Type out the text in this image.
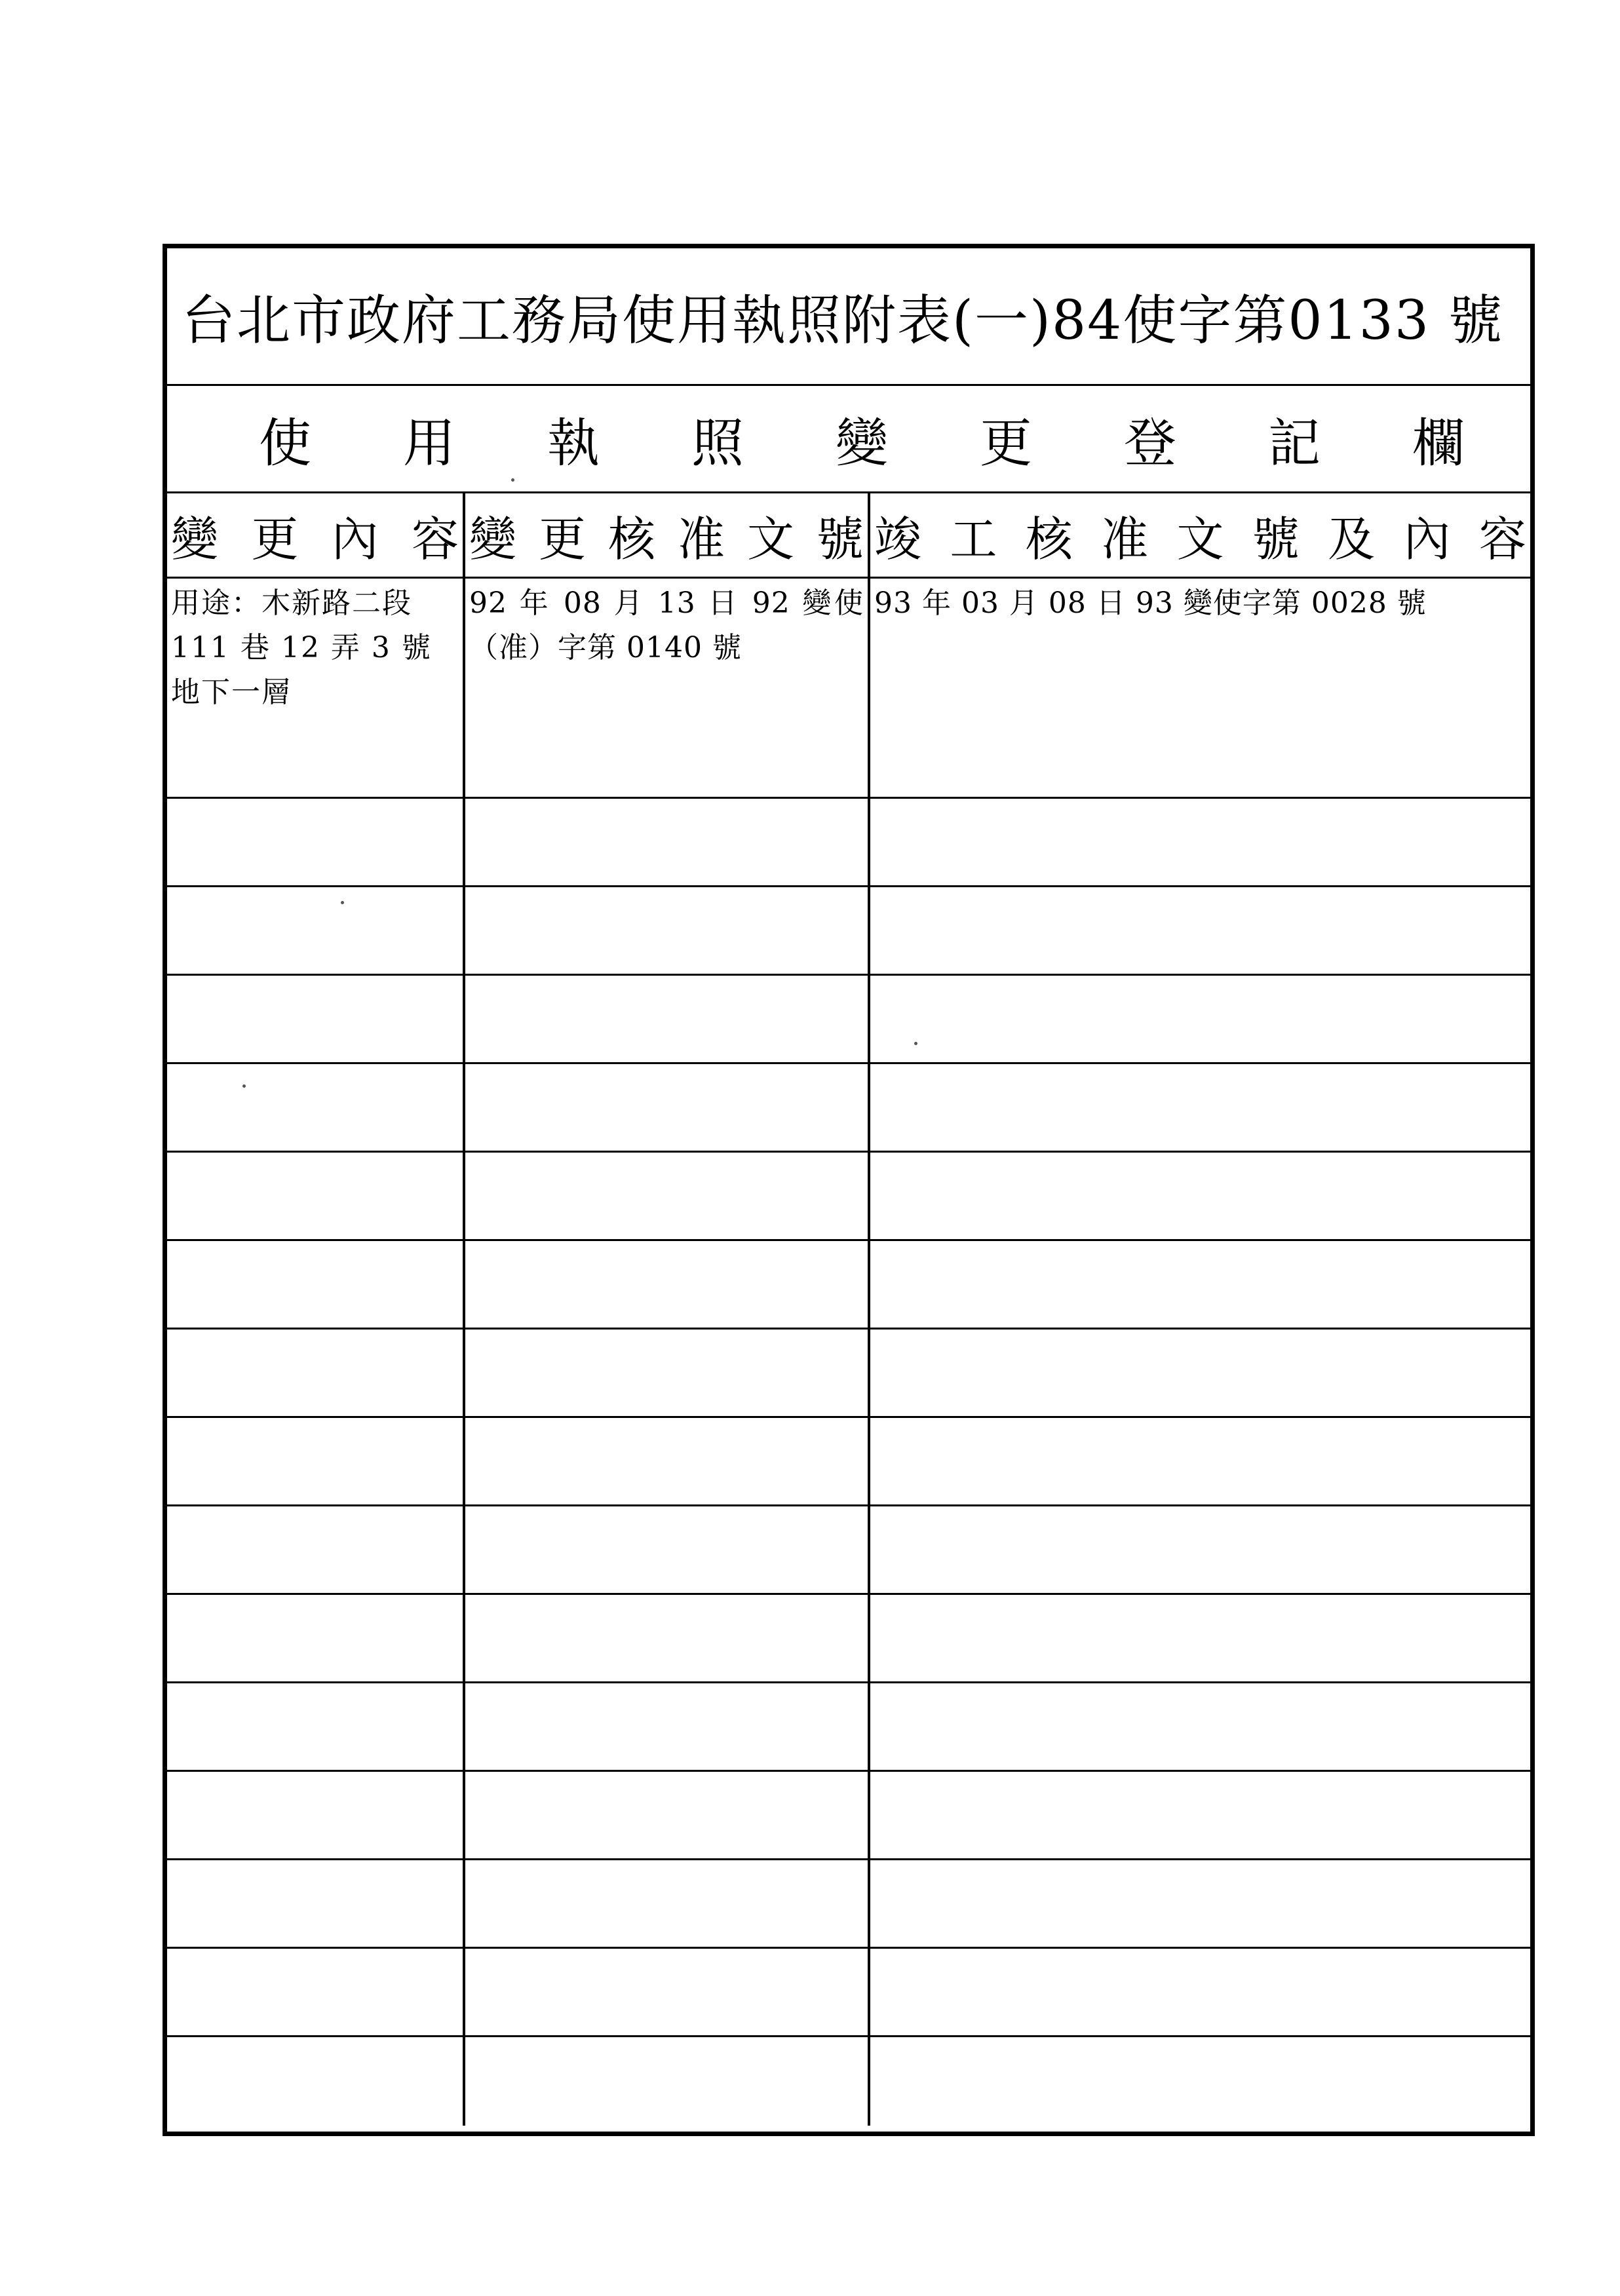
台北市政府工務局使用執照附表(一)84使字第0133 號
使 用 執 照 變 更 登 記 欄
變 更 內 容 變 更 核 准 文 號 竣 工 核 准 文 號 及 內 容
用途：木新路二段 111 巷 12 弄 3 號地下一層
92 年 08 月 13 日 92 變使（准）字第 0140 號
93 年 03 月 08 日 93 變使字第 0028 號
